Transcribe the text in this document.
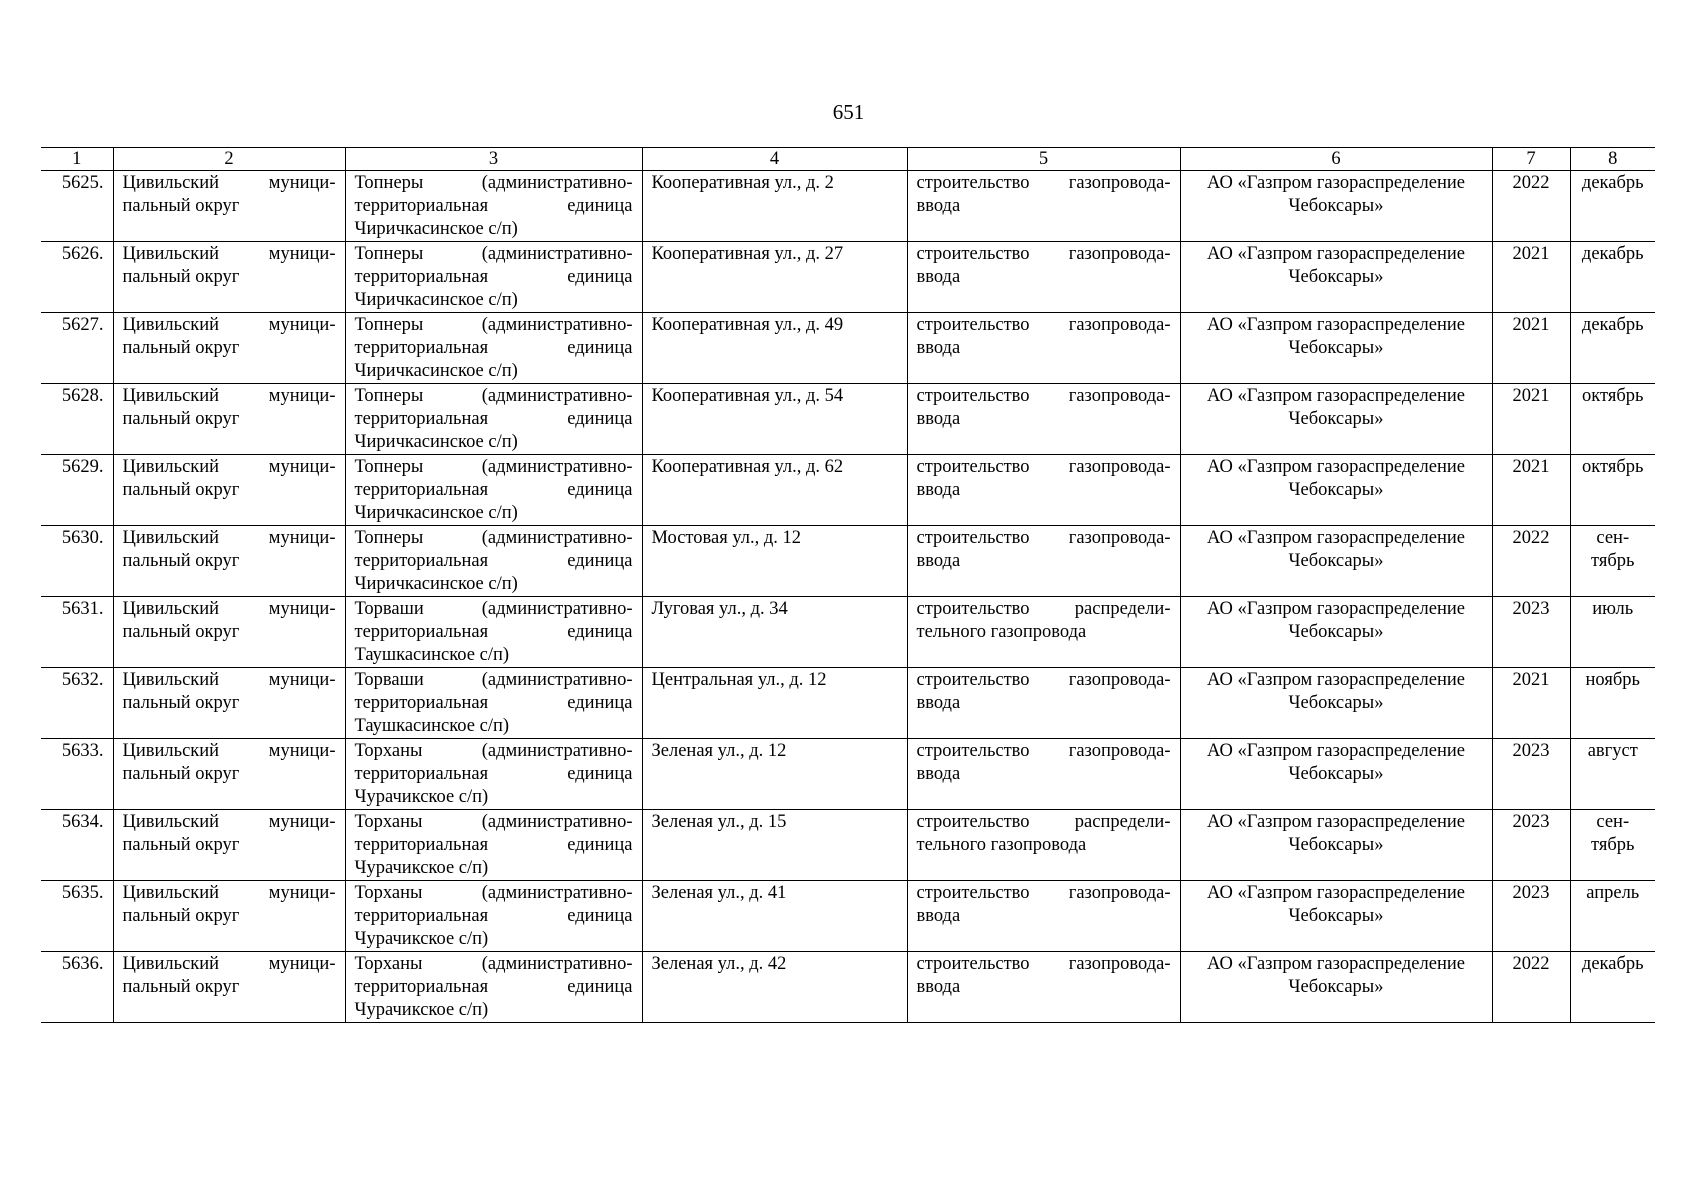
651
1	2	3	4	5	6	7	8
5625.	Цивильский муници-пальный округ	Топнеры (административно-территориальная единица Чиричкасинское с/п)	Кооперативная ул., д. 2	строительство газопровода-ввода	АО «Газпром газораспределение Чебоксары»	2022	декабрь
5626.	Цивильский муници-пальный округ	Топнеры (административно-территориальная единица Чиричкасинское с/п)	Кооперативная ул., д. 27	строительство газопровода-ввода	АО «Газпром газораспределение Чебоксары»	2021	декабрь
5627.	Цивильский муници-пальный округ	Топнеры (административно-территориальная единица Чиричкасинское с/п)	Кооперативная ул., д. 49	строительство газопровода-ввода	АО «Газпром газораспределение Чебоксары»	2021	декабрь
5628.	Цивильский муници-пальный округ	Топнеры (административно-территориальная единица Чиричкасинское с/п)	Кооперативная ул., д. 54	строительство газопровода-ввода	АО «Газпром газораспределение Чебоксары»	2021	октябрь
5629.	Цивильский муници-пальный округ	Топнеры (административно-территориальная единица Чиричкасинское с/п)	Кооперативная ул., д. 62	строительство газопровода-ввода	АО «Газпром газораспределение Чебоксары»	2021	октябрь
5630.	Цивильский муници-пальный округ	Топнеры (административно-территориальная единица Чиричкасинское с/п)	Мостовая ул., д. 12	строительство газопровода-ввода	АО «Газпром газораспределение Чебоксары»	2022	сен-тябрь
5631.	Цивильский муници-пальный округ	Торваши (административно-территориальная единица Таушкасинское с/п)	Луговая ул., д. 34	строительство распредели-тельного газопровода	АО «Газпром газораспределение Чебоксары»	2023	июль
5632.	Цивильский муници-пальный округ	Торваши (административно-территориальная единица Таушкасинское с/п)	Центральная ул., д. 12	строительство газопровода-ввода	АО «Газпром газораспределение Чебоксары»	2021	ноябрь
5633.	Цивильский муници-пальный округ	Торханы (административно-территориальная единица Чурачикское с/п)	Зеленая ул., д. 12	строительство газопровода-ввода	АО «Газпром газораспределение Чебоксары»	2023	август
5634.	Цивильский муници-пальный округ	Торханы (административно-территориальная единица Чурачикское с/п)	Зеленая ул., д. 15	строительство распредели-тельного газопровода	АО «Газпром газораспределение Чебоксары»	2023	сен-тябрь
5635.	Цивильский муници-пальный округ	Торханы (административно-территориальная единица Чурачикское с/п)	Зеленая ул., д. 41	строительство газопровода-ввода	АО «Газпром газораспределение Чебоксары»	2023	апрель
5636.	Цивильский муници-пальный округ	Торханы (административно-территориальная единица Чурачикское с/п)	Зеленая ул., д. 42	строительство газопровода-ввода	АО «Газпром газораспределение Чебоксары»	2022	декабрь
